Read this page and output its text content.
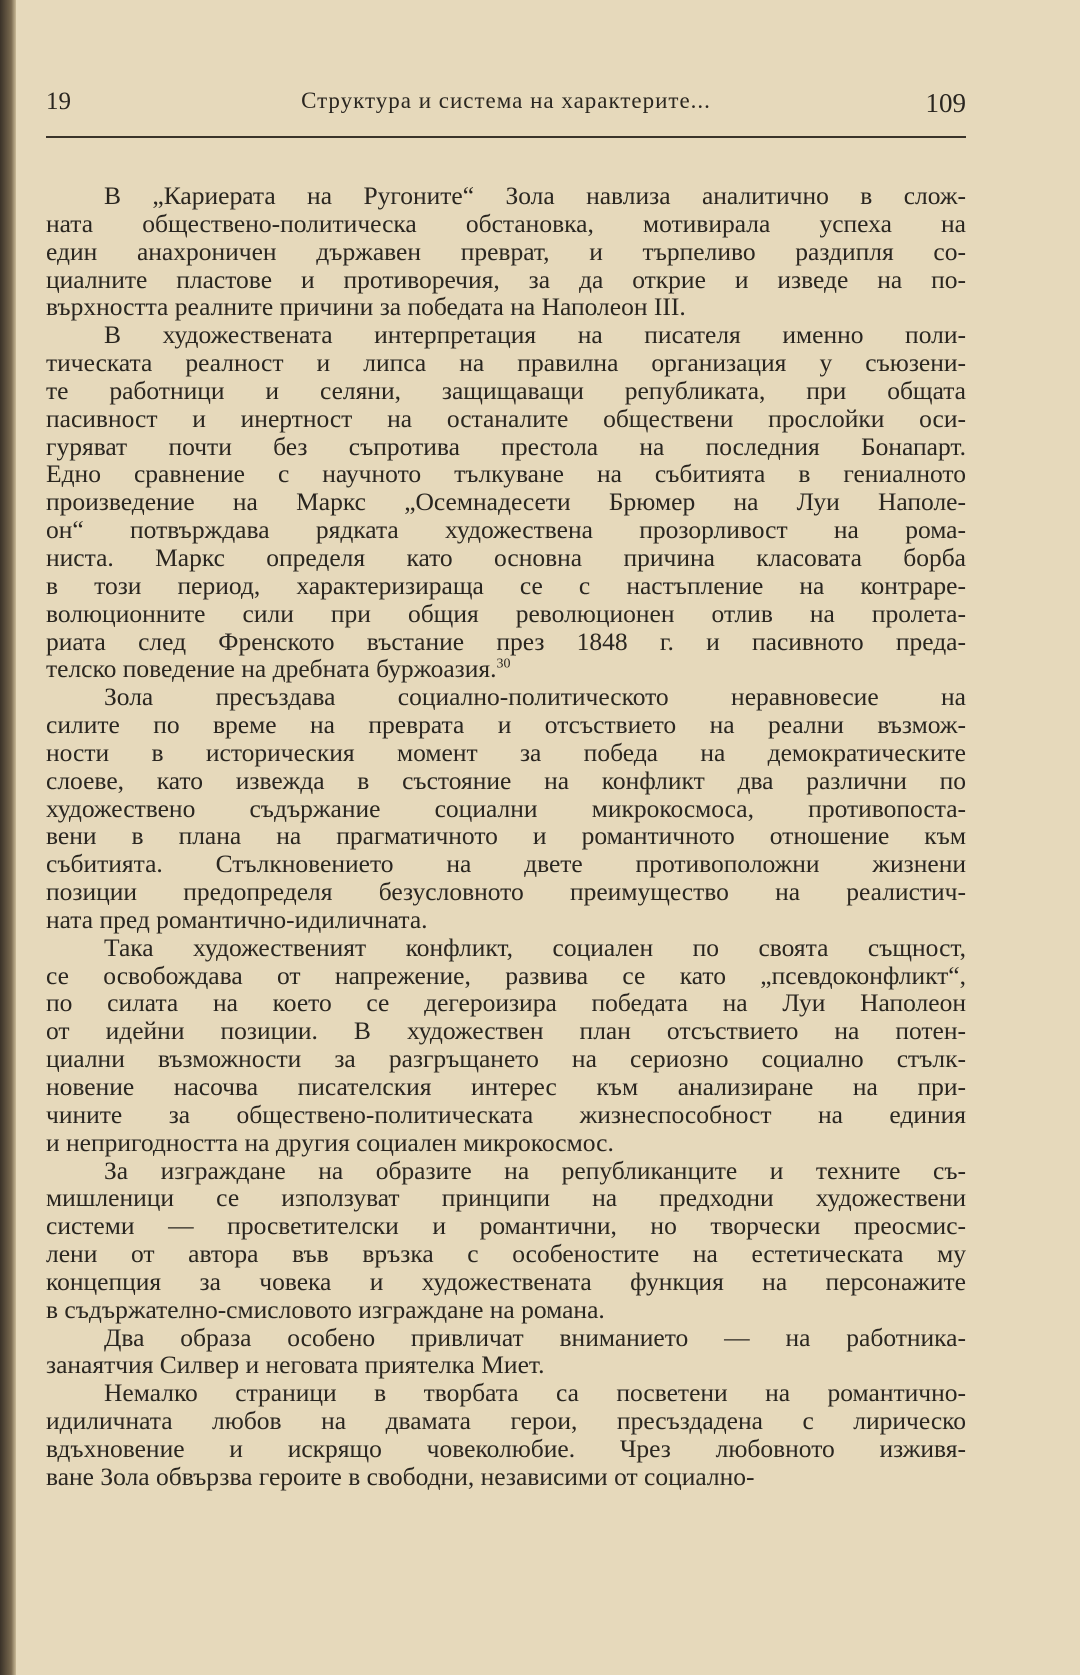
19	Структура и система на характерите...	109
В „Кариерата на Ругоните“ Зола навлиза аналитично в слож-
ната обществено-политическа обстановка, мотивирала успеха на
един анахроничен държавен преврат, и търпеливо раздипля со-
циалните пластове и противоречия, за да открие и изведе на по-
върхността реалните причини за победата на Наполеон III.
В художествената интерпретация на писателя именно поли-
тическата реалност и липса на правилна организация у съюзени-
те работници и селяни, защищаващи републиката, при общата
пасивност и инертност на останалите обществени прослойки оси-
гуряват почти без съпротива престола на последния Бонапарт.
Едно сравнение с научното тълкуване на събитията в гениалното
произведение на Маркс „Осемнадесети Брюмер на Луи Наполе-
он“ потвърждава рядката художествена прозорливост на рома-
ниста. Маркс определя като основна причина класовата борба
в този период, характеризираща се с настъпление на контраре-
волюционните сили при общия революционен отлив на пролета-
риата след Френското въстание през 1848 г. и пасивното преда-
телско поведение на дребната буржоазия.$^{30}$
Зола пресъздава социално-политическото неравновесие на
силите по време на преврата и отсъствието на реални възмож-
ности в историческия момент за победа на демократическите
слоеве, като извежда в състояние на конфликт два различни по
художествено съдържание социални микрокосмоса, противопоста-
вени в плана на прагматичното и романтичното отношение към
събитията. Стълкновението на двете противоположни жизнени
позиции предопределя безусловното преимущество на реалистич-
ната пред романтично-идиличната.
Така художественият конфликт, социален по своята същност,
се освобождава от напрежение, развива се като „псевдоконфликт“,
по силата на което се дегероизира победата на Луи Наполеон
от идейни позиции. В художествен план отсъствието на потен-
циални възможности за разгръщането на сериозно социално стълк-
новение насочва писателския интерес към анализиране на при-
чините за обществено-политическата жизнеспособност на единия
и непригодността на другия социален микрокосмос.
За изграждане на образите на републиканците и техните съ-
мишленици се използуват принципи на предходни художествени
системи — просветителски и романтични, но творчески преосмис-
лени от автора във връзка с особеностите на естетическата му
концепция за човека и художествената функция на персонажите
в съдържателно-смисловото изграждане на романа.
Два образа особено привличат вниманието — на работника-
занаятчия Силвер и неговата приятелка Миет.
Немалко страници в творбата са посветени на романтично-
идиличната любов на двамата герои, пресъздадена с лирическо
вдъхновение и искрящо човеколюбие. Чрез любовното изживя-
ване Зола обвързва героите в свободни, независими от социално-
